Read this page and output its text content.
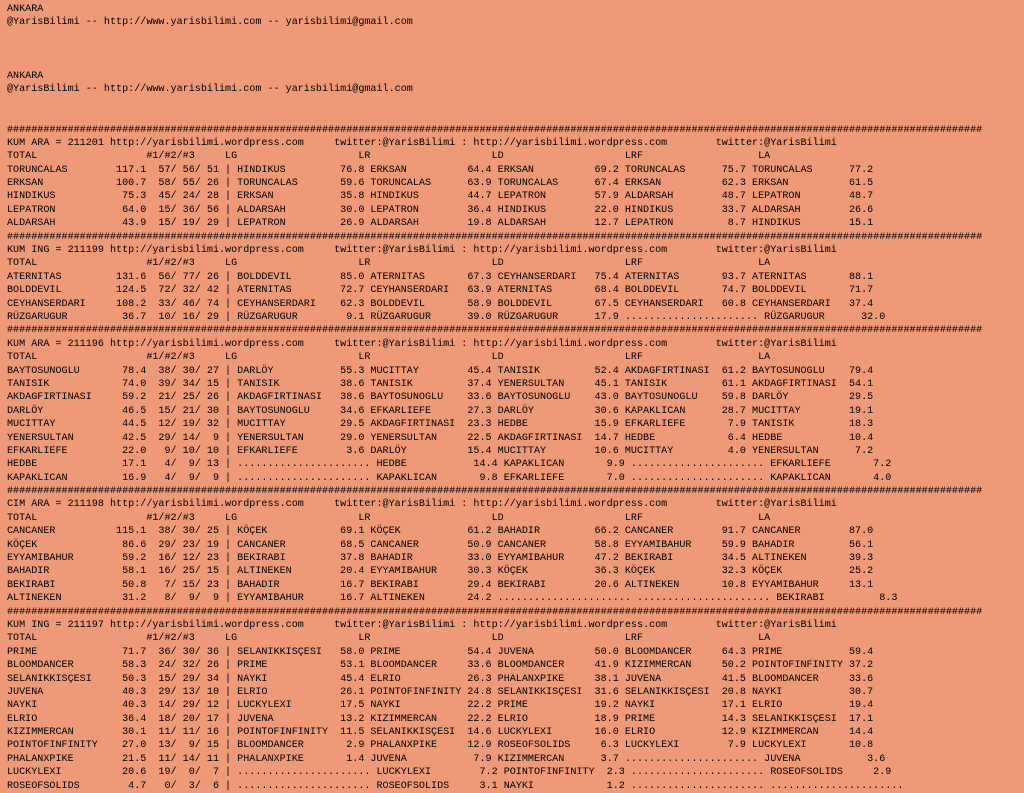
ANKARA
@YarisBilimi -- http://www.yarisbilimi.com -- yarisbilimi@gmail.com

ANKARA
@YarisBilimi -- http://www.yarisbilimi.com -- yarisbilimi@gmail.com

#################################################################################################################################################################
KUM ARA = 211201 http://yarisbilimi.wordpress.com     twitter:@YarisBilimi : http://yarisbilimi.wordpress.com        twitter:@YarisBilimi
TOTAL                  #1/#2/#3     LG                    LR                    LD                    LRF                   LA
TORUNCALAS        117.1  57/ 56/ 51 | HINDIKUS         76.8 ERKSAN          64.4 ERKSAN          69.2 TORUNCALAS      75.7 TORUNCALAS      77.2
ERKSAN            100.7  58/ 55/ 26 | TORUNCALAS       59.6 TORUNCALAS      63.9 TORUNCALAS      67.4 ERKSAN          62.3 ERKSAN          61.5
HINDIKUS           75.3  45/ 24/ 28 | ERKSAN           35.8 HINDIKUS        44.7 LEPATRON        57.9 ALDARSAH        48.7 LEPATRON        48.7
LEPATRON           64.0  15/ 36/ 56 | ALDARSAH         30.0 LEPATRON        36.4 HINDIKUS        22.0 HINDIKUS        33.7 ALDARSAH        26.6
ALDARSAH           43.9  15/ 19/ 29 | LEPATRON         26.9 ALDARSAH        19.8 ALDARSAH        12.7 LEPATRON         8.7 HINDIKUS        15.1
#################################################################################################################################################################
KUM ING = 211199 http://yarisbilimi.wordpress.com     twitter:@YarisBilimi : http://yarisbilimi.wordpress.com        twitter:@YarisBilimi
TOTAL                  #1/#2/#3     LG                    LR                    LD                    LRF                   LA
ATERNITAS         131.6  56/ 77/ 26 | BOLDDEVIL        85.0 ATERNITAS       67.3 CEYHANSERDARI   75.4 ATERNITAS       93.7 ATERNITAS       88.1
BOLDDEVIL         124.5  72/ 32/ 42 | ATERNITAS        72.7 CEYHANSERDARI   63.9 ATERNITAS       68.4 BOLDDEVIL       74.7 BOLDDEVIL       71.7
CEYHANSERDARI     108.2  33/ 46/ 74 | CEYHANSERDARI    62.3 BOLDDEVIL       58.9 BOLDDEVIL       67.5 CEYHANSERDARI   60.8 CEYHANSERDARI   37.4
RÜZGARUGUR         36.7  10/ 16/ 29 | RÜZGARUGUR        9.1 RÜZGARUGUR      39.0 RÜZGARUGUR      17.9 ...................... RÜZGARUGUR      32.0
#################################################################################################################################################################
KUM ARA = 211196 http://yarisbilimi.wordpress.com     twitter:@YarisBilimi : http://yarisbilimi.wordpress.com        twitter:@YarisBilimi
TOTAL                  #1/#2/#3     LG                    LR                    LD                    LRF                   LA
BAYTOSUNOGLU       78.4  38/ 30/ 27 | DARLÖY           55.3 MUCITTAY        45.4 TANISIK         52.4 AKDAGFIRTINASI  61.2 BAYTOSUNOGLU    79.4
TANISIK            74.0  39/ 34/ 15 | TANISIK          38.6 TANISIK         37.4 YENERSULTAN     45.1 TANISIK         61.1 AKDAGFIRTINASI  54.1
AKDAGFIRTINASI     59.2  21/ 25/ 26 | AKDAGFIRTINASI   38.6 BAYTOSUNOGLU    33.6 BAYTOSUNOGLU    43.0 BAYTOSUNOGLU    59.8 DARLÖY          29.5
DARLÖY             46.5  15/ 21/ 30 | BAYTOSUNOGLU     34.6 EFKARLIEFE      27.3 DARLÖY          30.6 KAPAKLICAN      28.7 MUCITTAY        19.1
MUCITTAY           44.5  12/ 19/ 32 | MUCITTAY         29.5 AKDAGFIRTINASI  23.3 HEDBE           15.9 EFKARLIEFE       7.9 TANISIK         18.3
YENERSULTAN        42.5  29/ 14/  9 | YENERSULTAN      29.0 YENERSULTAN     22.5 AKDAGFIRTINASI  14.7 HEDBE            6.4 HEDBE           10.4
EFKARLIEFE         22.0   9/ 10/ 10 | EFKARLIEFE        3.6 DARLÖY          15.4 MUCITTAY        10.6 MUCITTAY         4.0 YENERSULTAN      7.2
HEDBE              17.1   4/  9/ 13 | ...................... HEDBE           14.4 KAPAKLICAN       9.9 ...................... EFKARLIEFE       7.2
KAPAKLICAN         16.9   4/  9/  9 | ...................... KAPAKLICAN       9.8 EFKARLIEFE       7.0 ...................... KAPAKLICAN       4.0
#################################################################################################################################################################
CIM ARA = 211198 http://yarisbilimi.wordpress.com     twitter:@YarisBilimi : http://yarisbilimi.wordpress.com        twitter:@YarisBilimi
TOTAL                  #1/#2/#3     LG                    LR                    LD                    LRF                   LA
CANCANER          115.1  38/ 30/ 25 | KÖÇEK            69.1 KÖÇEK           61.2 BAHADIR         66.2 CANCANER        91.7 CANCANER        87.0
KÖÇEK              86.6  29/ 23/ 19 | CANCANER         68.5 CANCANER        50.9 CANCANER        58.8 EYYAMIBAHUR     59.9 BAHADIR         56.1
EYYAMIBAHUR        59.2  16/ 12/ 23 | BEKIRABI         37.8 BAHADIR         33.0 EYYAMIBAHUR     47.2 BEKIRABI        34.5 ALTINEKEN       39.3
BAHADIR            58.1  16/ 25/ 15 | ALTINEKEN        20.4 EYYAMIBAHUR     30.3 KÖÇEK           36.3 KÖÇEK           32.3 KÖÇEK           25.2
BEKIRABI           50.8   7/ 15/ 23 | BAHADIR          16.7 BEKIRABI        29.4 BEKIRABI        20.6 ALTINEKEN       10.8 EYYAMIBAHUR     13.1
ALTINEKEN          31.2   8/  9/  9 | EYYAMIBAHUR      16.7 ALTINEKEN       24.2 ...................... ...................... BEKIRABI         8.3
#################################################################################################################################################################
KUM ING = 211197 http://yarisbilimi.wordpress.com     twitter:@YarisBilimi : http://yarisbilimi.wordpress.com        twitter:@YarisBilimi
TOTAL                  #1/#2/#3     LG                    LR                    LD                    LRF                   LA
PRIME              71.7  36/ 30/ 36 | SELANIKKISÇESI   58.0 PRIME           54.4 JUVENA          50.0 BLOOMDANCER     64.3 PRIME           59.4
BLOOMDANCER        58.3  24/ 32/ 26 | PRIME            53.1 BLOOMDANCER     33.6 BLOOMDANCER     41.9 KIZIMMERCAN     50.2 POINTOFINFINITY 37.2
SELANIKKISÇESI     50.3  15/ 29/ 34 | NAYKI            45.4 ELRIO           26.3 PHALANXPIKE     38.1 JUVENA          41.5 BLOOMDANCER     33.6
JUVENA             40.3  29/ 13/ 10 | ELRIO            26.1 POINTOFINFINITY 24.8 SELANIKKISÇESI  31.6 SELANIKKISÇESI  20.8 NAYKI           30.7
NAYKI              40.3  14/ 29/ 12 | LUCKYLEXI        17.5 NAYKI           22.2 PRIME           19.2 NAYKI           17.1 ELRIO           19.4
ELRIO              36.4  18/ 20/ 17 | JUVENA           13.2 KIZIMMERCAN     22.2 ELRIO           18.9 PRIME           14.3 SELANIKKISÇESI  17.1
KIZIMMERCAN        30.1  11/ 11/ 16 | POINTOFINFINITY  11.5 SELANIKKISÇESI  14.6 LUCKYLEXI       16.0 ELRIO           12.9 KIZIMMERCAN     14.4
POINTOFINFINITY    27.0  13/  9/ 15 | BLOOMDANCER       2.9 PHALANXPIKE     12.9 ROSEOFSOLIDS     6.3 LUCKYLEXI        7.9 LUCKYLEXI       10.8
PHALANXPIKE        21.5  11/ 14/ 11 | PHALANXPIKE       1.4 JUVENA           7.9 KIZIMMERCAN      3.7 ...................... JUVENA           3.6
LUCKYLEXI          20.6  19/  0/  7 | ...................... LUCKYLEXI        7.2 POINTOFINFINITY  2.3 ...................... ROSEOFSOLIDS     2.9
ROSEOFSOLIDS        4.7   0/  3/  6 | ...................... ROSEOFSOLIDS     3.1 NAYKI            1.2 ...................... ......................
